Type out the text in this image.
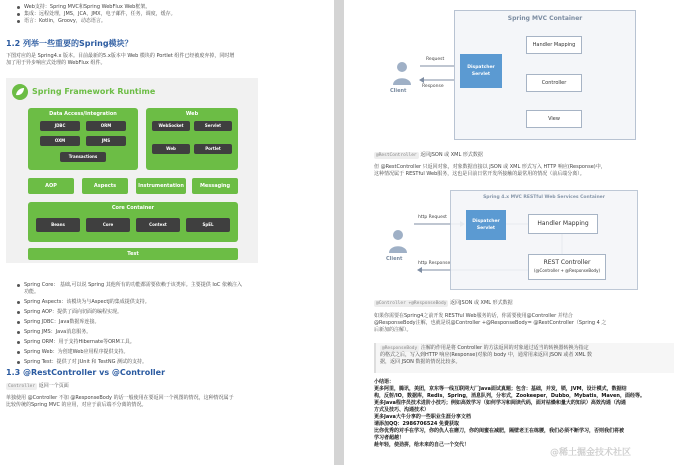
Web支持：Spring MVC和Spring WebFlux Web框架。
集成：远程处理，JMS，JCA，JMX，电子邮件，任务，调度，缓存。
语言：Kotlin，Groovy，动态语言。
1.2 列举一些重要的Spring模块？
下图对应的是 Spring4.x 版本。目前最新的5.x版本中 Web 模块的 Portlet 组件已经被废弃掉，同时增
加了用于异步响应式处理的 WebFlux 组件。
Spring Framework Runtime
Data Access/Integration
JDBC	ORM
OXM	JMS
Transactions
Web
WebSocket	Servlet
Web	Portlet
AOP	Aspects	Instrumentation	Messaging
Core Container
Beans	Core	Context	SpEL
Test
Spring Core： 基础,可以说 Spring 其他所有的功能都需要依赖于该类库。主要提供 IoC 依赖注入
功能。
Spring Aspects：该模块为与AspectJ的集成提供支持。
Spring AOP：提供了面向切面的编程实现。
Spring JDBC：Java数据库连接。
Spring JMS：Java消息服务。
Spring ORM：用于支持Hibernate等ORM工具。
Spring Web：为创建Web应用程序提供支持。
Spring Test：提供了对 JUnit 和 TestNG 测试的支持。
1.3 @RestController vs @Controller
Controller 返回一个页面
单独使用 @Controller 不加 @ResponseBody 的话一般使用在要返回一个视图的情况，这种情况属于
比较传统的Spring MVC 的应用，对应于前后端不分离的情况。
Spring MVC Container
Request
Response
Client
Dispatcher
Servlet
Handler Mapping
Controller
View
@RestController 返回JSON 或 XML 形式数据
但 @RestController 只返回对象，对象数据直接以 JSON 或 XML 形式写入 HTTP 响应(Response)中，
这种情况属于 RESTful Web服务，这也是目前日常开发所接触的最常用的情况（前后端分离）。
Spring 4.x MVC RESTful Web Services Container
http Request
http Response
Client
Dispatcher
Servlet
Handler Mapping
REST Controller
(@Controller + @ResponseBody)
@Controller +@ResponseBody 返回JSON 或 XML 形式数据
如果你需要在Spring4之前开发 RESTful Web服务的话，你需要使用@Controller 并结合
@ResponseBody注解，也就是说@Controller +@ResponseBody= @RestController（Spring 4 之
后新加的注解）。
@ResponseBody 注解的作用是将 Controller 的方法返回的对象通过适当的转换器转换为指定
的格式之后，写入到HTTP 响应(Response)对象的 body 中，通常用来返回 JSON 或者 XML 数
据，返回 JSON 数据的情况比较多。
小结语：
更多阿里，腾讯，美团，京东等一线互联网大厂Java面试真题；包含：基础，并发，锁，JVM，设计模式，数据结
构，反射/IO，数据库，Redis，Spring，消息队列，分布式，Zookeeper，Dubbo，Mybatis，Maven，面经等。
更多Java程序员技术进阶小技巧；例如高效学习（如何学习和阅读代码，面对枯燥和量大的知识）高效沟通（沟通
方式及技巧、沟通技术）
更多Java大牛分享的一些职业生涯分享文档
请添加QQ：2986706524 免费获取
比你优秀的对手在学习，你的仇人在磨刀，你的闺蜜在减肥，隔壁老王在练腰，我们必须不断学习，否则我们将被
学习者超越！
趁年轻，使劲拼，给未来的自己一个交代！
@稀土掘金技术社区
